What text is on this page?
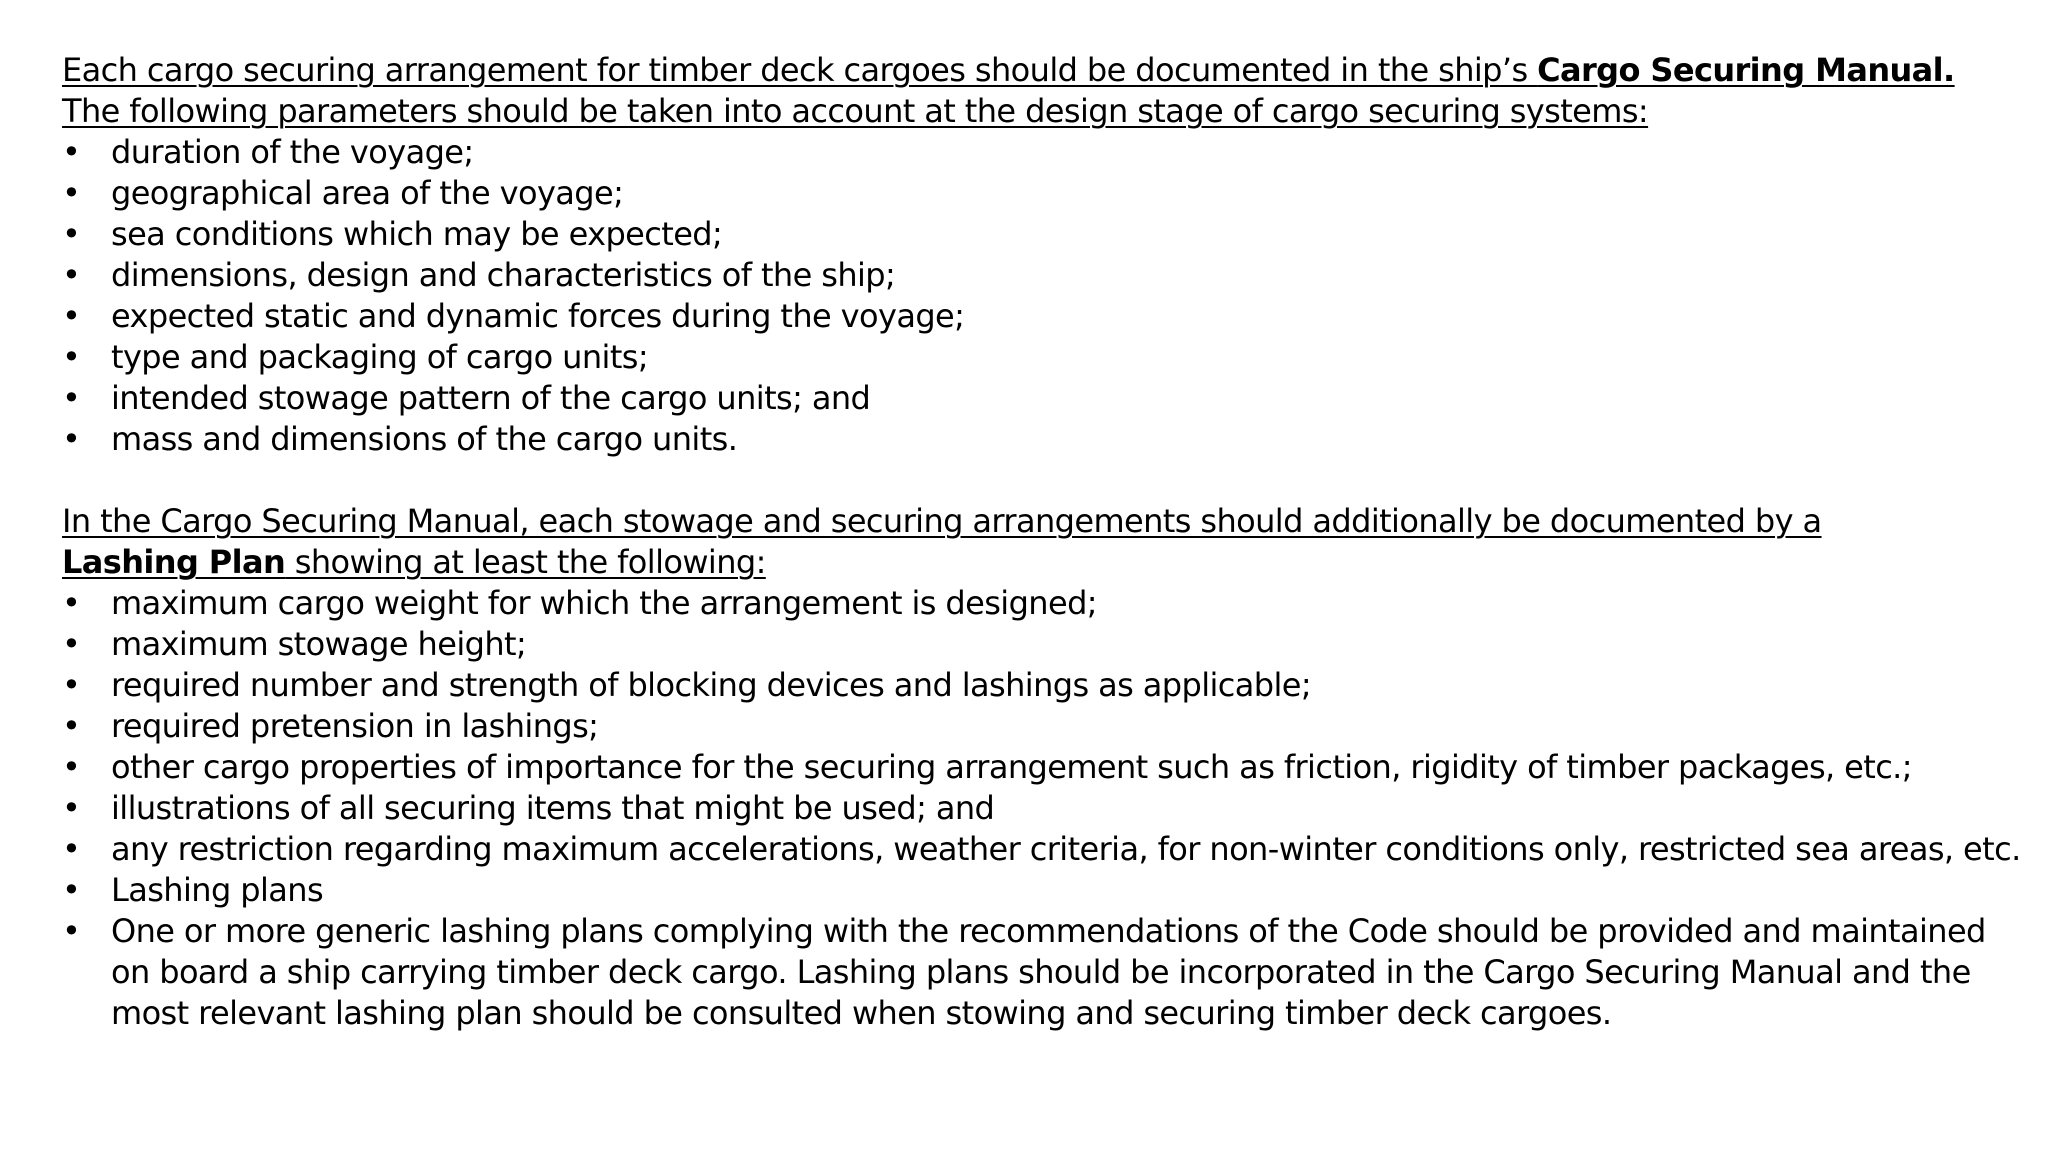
Each cargo securing arrangement for timber deck cargoes should be documented in the ship’s Cargo Securing Manual.
The following parameters should be taken into account at the design stage of cargo securing systems:

• duration of the voyage;
• geographical area of the voyage;
• sea conditions which may be expected;
• dimensions, design and characteristics of the ship;
• expected static and dynamic forces during the voyage;
• type and packaging of cargo units;
• intended stowage pattern of the cargo units; and
• mass and dimensions of the cargo units.

In the Cargo Securing Manual, each stowage and securing arrangements should additionally be documented by a
Lashing Plan showing at least the following:

• maximum cargo weight for which the arrangement is designed;
• maximum stowage height;
• required number and strength of blocking devices and lashings as applicable;
• required pretension in lashings;
• other cargo properties of importance for the securing arrangement such as friction, rigidity of timber packages, etc.;
• illustrations of all securing items that might be used; and
• any restriction regarding maximum accelerations, weather criteria, for non-winter conditions only, restricted sea areas, etc.
• Lashing plans
• One or more generic lashing plans complying with the recommendations of the Code should be provided and maintained on board a ship carrying timber deck cargo. Lashing plans should be incorporated in the Cargo Securing Manual and the most relevant lashing plan should be consulted when stowing and securing timber deck cargoes.
